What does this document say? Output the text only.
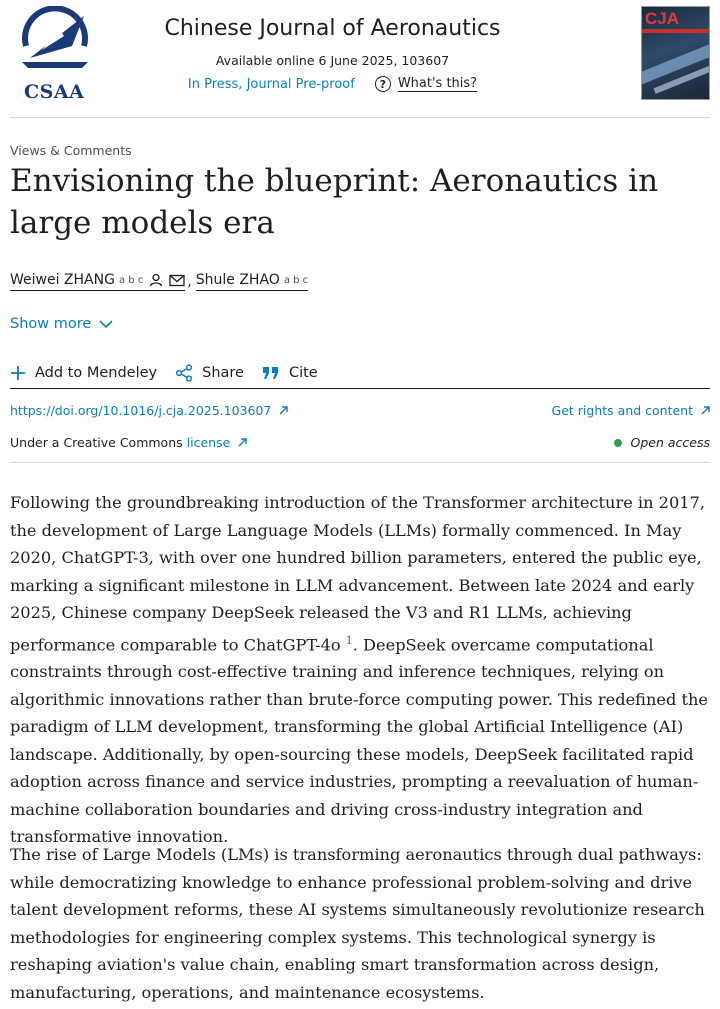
CSAA
Chinese Journal of Aeronautics
Available online 6 June 2025, 103607
In Press, Journal Pre-proof	? What's this?
CJA
Views & Comments
Envisioning the blueprint: Aeronautics in large models era
Weiwei ZHANG a b c	, Shule ZHAO a b c
Show more
Add to Mendeley	Share	Cite
https://doi.org/10.1016/j.cja.2025.103607	Get rights and content
Under a Creative Commons license	Open access

Following the groundbreaking introduction of the Transformer architecture in 2017, the development of Large Language Models (LLMs) formally commenced. In May 2020, ChatGPT-3, with over one hundred billion parameters, entered the public eye, marking a significant milestone in LLM advancement. Between late 2024 and early 2025, Chinese company DeepSeek released the V3 and R1 LLMs, achieving performance comparable to ChatGPT-4o $^1$. DeepSeek overcame computational constraints through cost-effective training and inference techniques, relying on algorithmic innovations rather than brute-force computing power. This redefined the paradigm of LLM development, transforming the global Artificial Intelligence (AI) landscape. Additionally, by open-sourcing these models, DeepSeek facilitated rapid adoption across finance and service industries, prompting a reevaluation of human-machine collaboration boundaries and driving cross-industry integration and transformative innovation.

The rise of Large Models (LMs) is transforming aeronautics through dual pathways: while democratizing knowledge to enhance professional problem-solving and drive talent development reforms, these AI systems simultaneously revolutionize research methodologies for engineering complex systems. This technological synergy is reshaping aviation's value chain, enabling smart transformation across design, manufacturing, operations, and maintenance ecosystems.
